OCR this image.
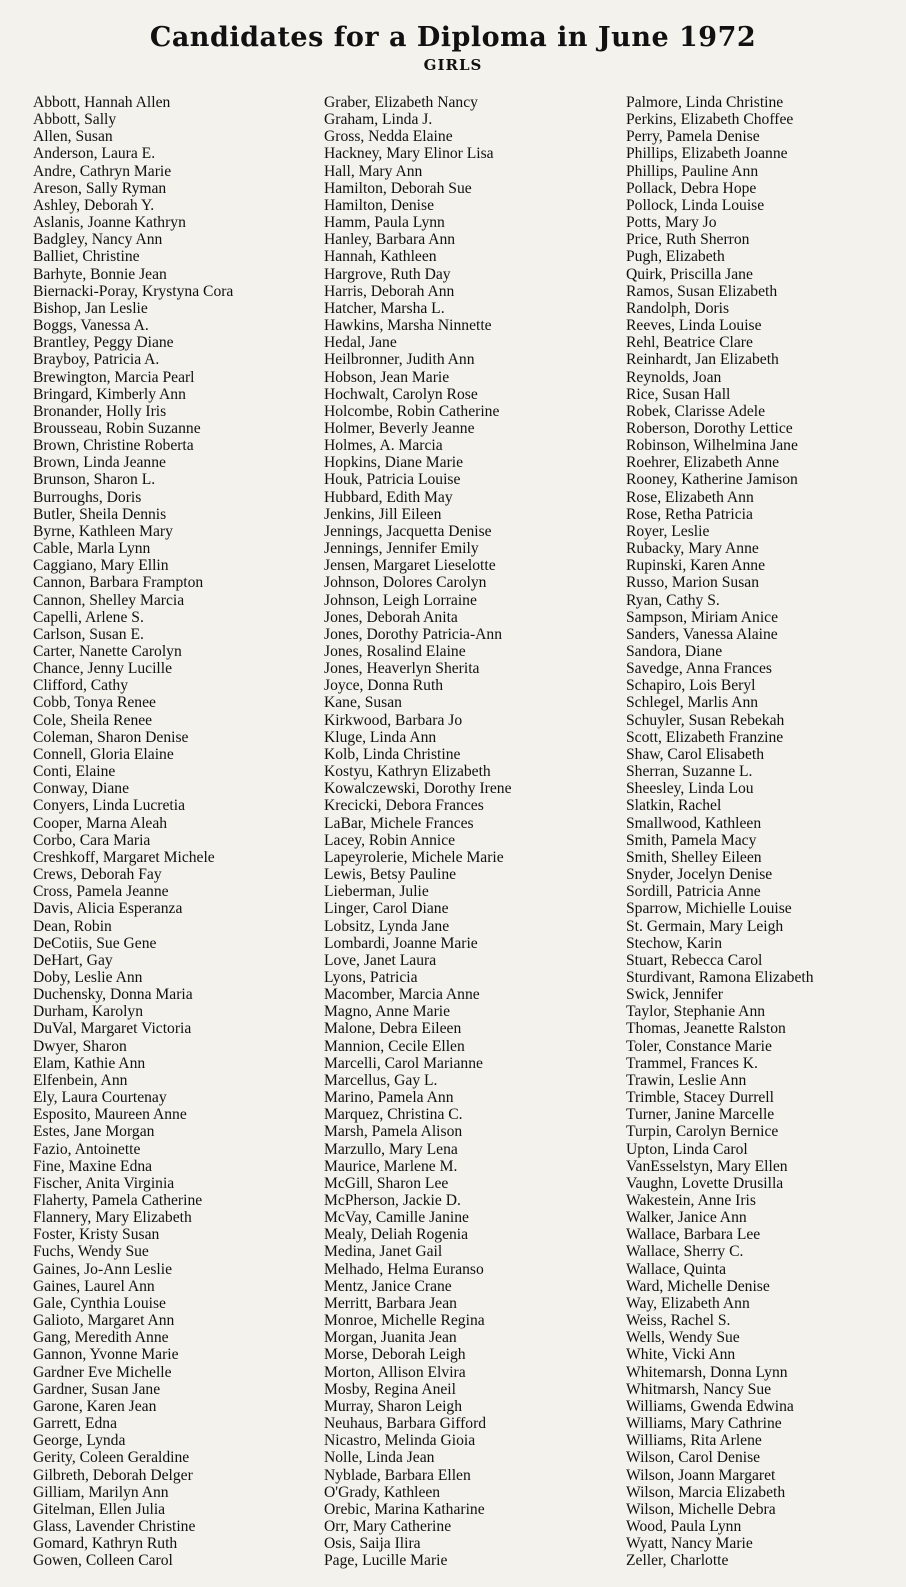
Candidates for a Diploma in June 1972
GIRLS
Abbott, Hannah Allen
Abbott, Sally
Allen, Susan
Anderson, Laura E.
Andre, Cathryn Marie
Areson, Sally Ryman
Ashley, Deborah Y.
Aslanis, Joanne Kathryn
Badgley, Nancy Ann
Balliet, Christine
Barhyte, Bonnie Jean
Biernacki-Poray, Krystyna Cora
Bishop, Jan Leslie
Boggs, Vanessa A.
Brantley, Peggy Diane
Brayboy, Patricia A.
Brewington, Marcia Pearl
Bringard, Kimberly Ann
Bronander, Holly Iris
Brousseau, Robin Suzanne
Brown, Christine Roberta
Brown, Linda Jeanne
Brunson, Sharon L.
Burroughs, Doris
Butler, Sheila Dennis
Byrne, Kathleen Mary
Cable, Marla Lynn
Caggiano, Mary Ellin
Cannon, Barbara Frampton
Cannon, Shelley Marcia
Capelli, Arlene S.
Carlson, Susan E.
Carter, Nanette Carolyn
Chance, Jenny Lucille
Clifford, Cathy
Cobb, Tonya Renee
Cole, Sheila Renee
Coleman, Sharon Denise
Connell, Gloria Elaine
Conti, Elaine
Conway, Diane
Conyers, Linda Lucretia
Cooper, Marna Aleah
Corbo, Cara Maria
Creshkoff, Margaret Michele
Crews, Deborah Fay
Cross, Pamela Jeanne
Davis, Alicia Esperanza
Dean, Robin
DeCotiis, Sue Gene
DeHart, Gay
Doby, Leslie Ann
Duchensky, Donna Maria
Durham, Karolyn
DuVal, Margaret Victoria
Dwyer, Sharon
Elam, Kathie Ann
Elfenbein, Ann
Ely, Laura Courtenay
Esposito, Maureen Anne
Estes, Jane Morgan
Fazio, Antoinette
Fine, Maxine Edna
Fischer, Anita Virginia
Flaherty, Pamela Catherine
Flannery, Mary Elizabeth
Foster, Kristy Susan
Fuchs, Wendy Sue
Gaines, Jo-Ann Leslie
Gaines, Laurel Ann
Gale, Cynthia Louise
Galioto, Margaret Ann
Gang, Meredith Anne
Gannon, Yvonne Marie
Gardner Eve Michelle
Gardner, Susan Jane
Garone, Karen Jean
Garrett, Edna
George, Lynda
Gerity, Coleen Geraldine
Gilbreth, Deborah Delger
Gilliam, Marilyn Ann
Gitelman, Ellen Julia
Glass, Lavender Christine
Gomard, Kathryn Ruth
Gowen, Colleen Carol
Graber, Elizabeth Nancy
Graham, Linda J.
Gross, Nedda Elaine
Hackney, Mary Elinor Lisa
Hall, Mary Ann
Hamilton, Deborah Sue
Hamilton, Denise
Hamm, Paula Lynn
Hanley, Barbara Ann
Hannah, Kathleen
Hargrove, Ruth Day
Harris, Deborah Ann
Hatcher, Marsha L.
Hawkins, Marsha Ninnette
Hedal, Jane
Heilbronner, Judith Ann
Hobson, Jean Marie
Hochwalt, Carolyn Rose
Holcombe, Robin Catherine
Holmer, Beverly Jeanne
Holmes, A. Marcia
Hopkins, Diane Marie
Houk, Patricia Louise
Hubbard, Edith May
Jenkins, Jill Eileen
Jennings, Jacquetta Denise
Jennings, Jennifer Emily
Jensen, Margaret Lieselotte
Johnson, Dolores Carolyn
Johnson, Leigh Lorraine
Jones, Deborah Anita
Jones, Dorothy Patricia-Ann
Jones, Rosalind Elaine
Jones, Heaverlyn Sherita
Joyce, Donna Ruth
Kane, Susan
Kirkwood, Barbara Jo
Kluge, Linda Ann
Kolb, Linda Christine
Kostyu, Kathryn Elizabeth
Kowalczewski, Dorothy Irene
Krecicki, Debora Frances
LaBar, Michele Frances
Lacey, Robin Annice
Lapeyrolerie, Michele Marie
Lewis, Betsy Pauline
Lieberman, Julie
Linger, Carol Diane
Lobsitz, Lynda Jane
Lombardi, Joanne Marie
Love, Janet Laura
Lyons, Patricia
Macomber, Marcia Anne
Magno, Anne Marie
Malone, Debra Eileen
Mannion, Cecile Ellen
Marcelli, Carol Marianne
Marcellus, Gay L.
Marino, Pamela Ann
Marquez, Christina C.
Marsh, Pamela Alison
Marzullo, Mary Lena
Maurice, Marlene M.
McGill, Sharon Lee
McPherson, Jackie D.
McVay, Camille Janine
Mealy, Deliah Rogenia
Medina, Janet Gail
Melhado, Helma Euranso
Mentz, Janice Crane
Merritt, Barbara Jean
Monroe, Michelle Regina
Morgan, Juanita Jean
Morse, Deborah Leigh
Morton, Allison Elvira
Mosby, Regina Aneil
Murray, Sharon Leigh
Neuhaus, Barbara Gifford
Nicastro, Melinda Gioia
Nolle, Linda Jean
Nyblade, Barbara Ellen
O'Grady, Kathleen
Orebic, Marina Katharine
Orr, Mary Catherine
Osis, Saija Ilira
Page, Lucille Marie
Palmore, Linda Christine
Perkins, Elizabeth Choffee
Perry, Pamela Denise
Phillips, Elizabeth Joanne
Phillips, Pauline Ann
Pollack, Debra Hope
Pollock, Linda Louise
Potts, Mary Jo
Price, Ruth Sherron
Pugh, Elizabeth
Quirk, Priscilla Jane
Ramos, Susan Elizabeth
Randolph, Doris
Reeves, Linda Louise
Rehl, Beatrice Clare
Reinhardt, Jan Elizabeth
Reynolds, Joan
Rice, Susan Hall
Robek, Clarisse Adele
Roberson, Dorothy Lettice
Robinson, Wilhelmina Jane
Roehrer, Elizabeth Anne
Rooney, Katherine Jamison
Rose, Elizabeth Ann
Rose, Retha Patricia
Royer, Leslie
Rubacky, Mary Anne
Rupinski, Karen Anne
Russo, Marion Susan
Ryan, Cathy S.
Sampson, Miriam Anice
Sanders, Vanessa Alaine
Sandora, Diane
Savedge, Anna Frances
Schapiro, Lois Beryl
Schlegel, Marlis Ann
Schuyler, Susan Rebekah
Scott, Elizabeth Franzine
Shaw, Carol Elisabeth
Sherran, Suzanne L.
Sheesley, Linda Lou
Slatkin, Rachel
Smallwood, Kathleen
Smith, Pamela Macy
Smith, Shelley Eileen
Snyder, Jocelyn Denise
Sordill, Patricia Anne
Sparrow, Michielle Louise
St. Germain, Mary Leigh
Stechow, Karin
Stuart, Rebecca Carol
Sturdivant, Ramona Elizabeth
Swick, Jennifer
Taylor, Stephanie Ann
Thomas, Jeanette Ralston
Toler, Constance Marie
Trammel, Frances K.
Trawin, Leslie Ann
Trimble, Stacey Durrell
Turner, Janine Marcelle
Turpin, Carolyn Bernice
Upton, Linda Carol
VanEsselstyn, Mary Ellen
Vaughn, Lovette Drusilla
Wakestein, Anne Iris
Walker, Janice Ann
Wallace, Barbara Lee
Wallace, Sherry C.
Wallace, Quinta
Ward, Michelle Denise
Way, Elizabeth Ann
Weiss, Rachel S.
Wells, Wendy Sue
White, Vicki Ann
Whitemarsh, Donna Lynn
Whitmarsh, Nancy Sue
Williams, Gwenda Edwina
Williams, Mary Cathrine
Williams, Rita Arlene
Wilson, Carol Denise
Wilson, Joann Margaret
Wilson, Marcia Elizabeth
Wilson, Michelle Debra
Wood, Paula Lynn
Wyatt, Nancy Marie
Zeller, Charlotte
